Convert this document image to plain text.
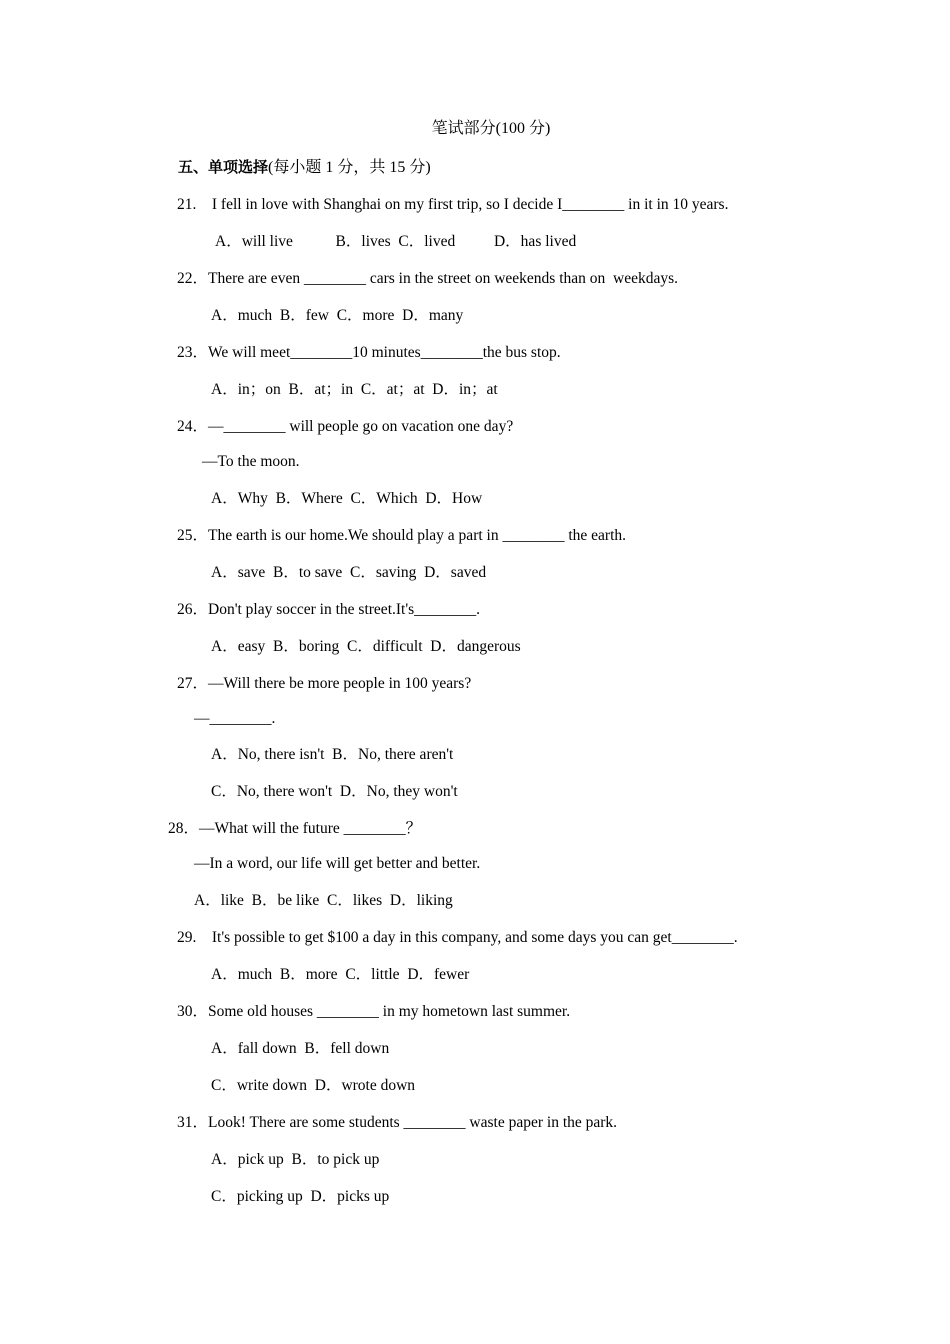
笔试部分(100 分)
五、单项选择(每小题 1 分，共 15 分)
21.    I fell in love with Shanghai on my first trip, so I decide I________ in it in 10 years.
A．will live           B．lives  C．lived          D．has lived
22．There are even ________ cars in the street on weekends than on  weekdays.
A．much  B．few  C．more  D．many
23．We will meet________10 minutes________the bus stop.
A．in；on  B．at；in  C．at；at  D．in；at
24．—________ will people go on vacation one day?
—To the moon.
A．Why  B．Where  C．Which  D．How
25．The earth is our home.We should play a part in ________ the earth.
A．save  B．to save  C．saving  D．saved
26．Don't play soccer in the street.It's________.
A．easy  B．boring  C．difficult  D．dangerous
27．—Will there be more people in 100 years?
—________.
A．No, there isn't  B．No, there aren't
C．No, there won't  D．No, they won't
28．—What will the future ________？
—In a word, our life will get better and better.
A．like  B．be like  C．likes  D．liking
29.    It's possible to get $100 a day in this company, and some days you can get________.
A．much  B．more  C．little  D．fewer
30．Some old houses ________ in my hometown last summer.
A．fall down  B．fell down
C．write down  D．wrote down
31．Look! There are some students ________ waste paper in the park.
A．pick up  B．to pick up
C．picking up  D．picks up
